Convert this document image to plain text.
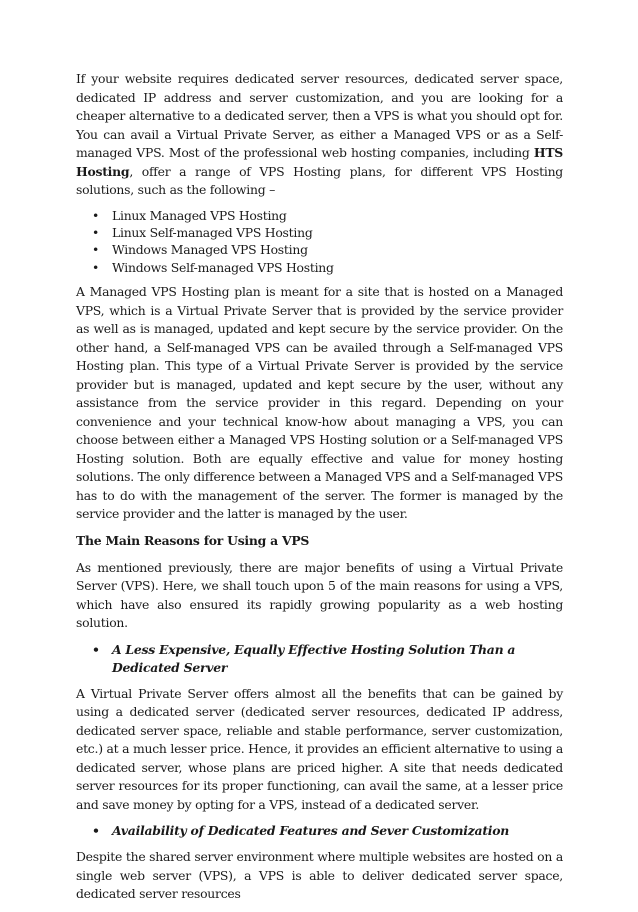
If your website requires dedicated server resources, dedicated server space, dedicated IP address and server customization, and you are looking for a cheaper alternative to a dedicated server, then a VPS is what you should opt for. You can avail a Virtual Private Server, as either a Managed VPS or as a Self-managed VPS. Most of the professional web hosting companies, including HTS Hosting, offer a range of VPS Hosting plans, for different VPS Hosting solutions, such as the following –

• Linux Managed VPS Hosting
• Linux Self-managed VPS Hosting
• Windows Managed VPS Hosting
• Windows Self-managed VPS Hosting

A Managed VPS Hosting plan is meant for a site that is hosted on a Managed VPS, which is a Virtual Private Server that is provided by the service provider as well as is managed, updated and kept secure by the service provider. On the other hand, a Self-managed VPS can be availed through a Self-managed VPS Hosting plan. This type of a Virtual Private Server is provided by the service provider but is managed, updated and kept secure by the user, without any assistance from the service provider in this regard. Depending on your convenience and your technical know-how about managing a VPS, you can choose between either a Managed VPS Hosting solution or a Self-managed VPS Hosting solution. Both are equally effective and value for money hosting solutions. The only difference between a Managed VPS and a Self-managed VPS has to do with the management of the server. The former is managed by the service provider and the latter is managed by the user.

The Main Reasons for Using a VPS

As mentioned previously, there are major benefits of using a Virtual Private Server (VPS). Here, we shall touch upon 5 of the main reasons for using a VPS, which have also ensured its rapidly growing popularity as a web hosting solution.

• A Less Expensive, Equally Effective Hosting Solution Than a Dedicated Server

A Virtual Private Server offers almost all the benefits that can be gained by using a dedicated server (dedicated server resources, dedicated IP address, dedicated server space, reliable and stable performance, server customization, etc.) at a much lesser price. Hence, it provides an efficient alternative to using a dedicated server, whose plans are priced higher. A site that needs dedicated server resources for its proper functioning, can avail the same, at a lesser price and save money by opting for a VPS, instead of a dedicated server.

• Availability of Dedicated Features and Sever Customization

Despite the shared server environment where multiple websites are hosted on a single web server (VPS), a VPS is able to deliver dedicated server space, dedicated server resources
